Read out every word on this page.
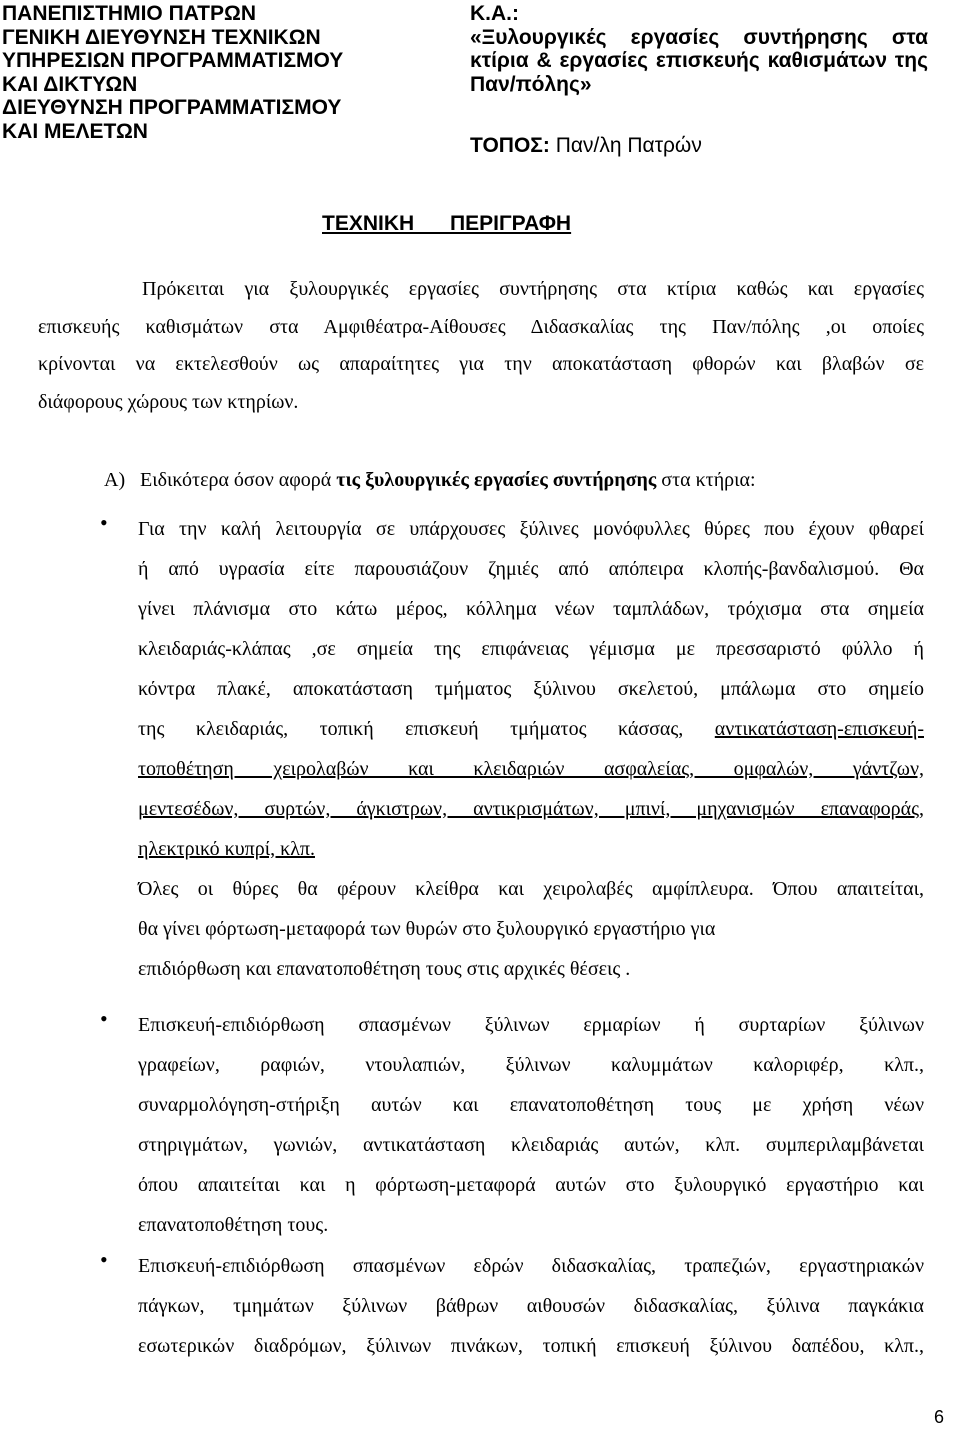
ΠΑΝΕΠΙΣΤΗΜΙΟ ΠΑΤΡΩΝ
ΓΕΝΙΚΗ ΔΙΕΥΘΥΝΣΗ ΤΕΧΝΙΚΩΝ
ΥΠΗΡΕΣΙΩΝ ΠΡΟΓΡΑΜΜΑΤΙΣΜΟΥ
ΚΑΙ ΔΙΚΤΥΩΝ
ΔΙΕΥΘΥΝΣΗ ΠΡΟΓΡΑΜΜΑΤΙΣΜΟΥ
ΚΑΙ ΜΕΛΕΤΩΝ
Κ.Α.:
«Ξυλουργικές εργασίες συντήρησης στα
κτίρια & εργασίες επισκευής καθισμάτων της
Παν/πόλης»
ΤΟΠΟΣ: Παν/λη Πατρών
ΤΕΧΝΙΚΗ ΠΕΡΙΓΡΑΦΗ
Πρόκειται για ξυλουργικές εργασίες συντήρησης στα κτίρια καθώς και εργασίες
επισκευής καθισμάτων στα Αμφιθέατρα-Αίθουσες Διδασκαλίας της Παν/πόλης ,οι οποίες
κρίνονται να εκτελεσθούν ως απαραίτητες για την αποκατάσταση φθορών και βλαβών σε
διάφορους χώρους των κτηρίων.
Α) Ειδικότερα όσον αφορά τις ξυλουργικές εργασίες συντήρησης στα κτήρια:
• Για την καλή λειτουργία σε υπάρχουσες ξύλινες μονόφυλλες θύρες που έχουν φθαρεί
ή από υγρασία είτε παρουσιάζουν ζημιές από απόπειρα κλοπής-βανδαλισμού. Θα
γίνει πλάνισμα στο κάτω μέρος, κόλλημα νέων ταμπλάδων, τρόχισμα στα σημεία
κλειδαριάς-κλάπας ,σε σημεία της επιφάνειας γέμισμα με πρεσσαριστό φύλλο ή
κόντρα πλακέ, αποκατάσταση τμήματος ξύλινου σκελετού, μπάλωμα στο σημείο
της κλειδαριάς, τοπική επισκευή τμήματος κάσσας, αντικατάσταση-επισκευή-
τοποθέτηση χειρολαβών και κλειδαριών ασφαλείας, ομφαλών, γάντζων,
μεντεσέδων, συρτών, άγκιστρων, αντικρισμάτων, μπινί, μηχανισμών επαναφοράς,
ηλεκτρικό κυπρί, κλπ.
Όλες οι θύρες θα φέρουν κλείθρα και χειρολαβές αμφίπλευρα. Όπου απαιτείται,
θα γίνει φόρτωση-μεταφορά των θυρών στο ξυλουργικό εργαστήριο για
επιδιόρθωση και επανατοποθέτηση τους στις αρχικές θέσεις .
• Επισκευή-επιδιόρθωση σπασμένων ξύλινων ερμαρίων ή συρταρίων ξύλινων
γραφείων, ραφιών, ντουλαπιών, ξύλινων καλυμμάτων καλοριφέρ, κλπ.,
συναρμολόγηση-στήριξη αυτών και επανατοποθέτηση τους με χρήση νέων
στηριγμάτων, γωνιών, αντικατάσταση κλειδαριάς αυτών, κλπ. συμπεριλαμβάνεται
όπου απαιτείται και η φόρτωση-μεταφορά αυτών στο ξυλουργικό εργαστήριο και
επανατοποθέτηση τους.
• Επισκευή-επιδιόρθωση σπασμένων εδρών διδασκαλίας, τραπεζιών, εργαστηριακών
πάγκων, τμημάτων ξύλινων βάθρων αιθουσών διδασκαλίας, ξύλινα παγκάκια
εσωτερικών διαδρόμων, ξύλινων πινάκων, τοπική επισκευή ξύλινου δαπέδου, κλπ.,
6
